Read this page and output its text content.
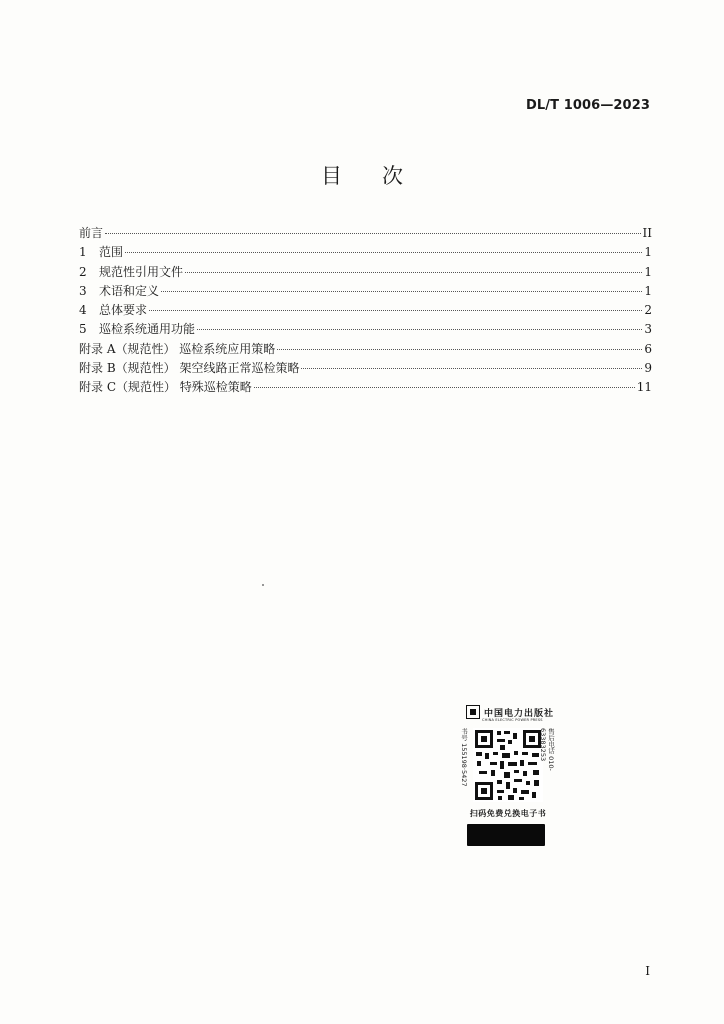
DL/T 1006—2023
目 次
前言	II
1	范围	1
2	规范性引用文件	1
3	术语和定义	1
4	总体要求	2
5	巡检系统通用功能	3
附录 A（规范性） 巡检系统应用策略	6
附录 B（规范性） 架空线路正常巡检策略	9
附录 C（规范性） 特殊巡检策略	11
中国电力出版社
CHINA ELECTRIC POWER PRESS
书号 155198·5427	售后电话 010-63383253
扫码免费兑换电子书
I
